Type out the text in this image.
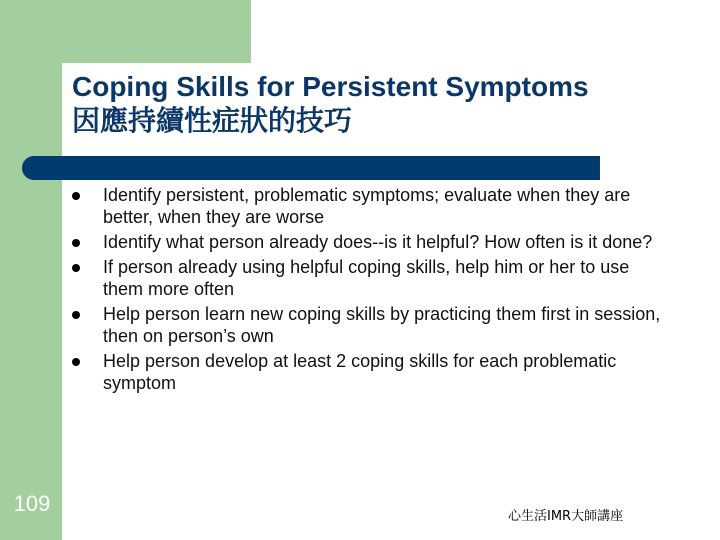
Coping Skills for Persistent Symptoms
因應持續性症狀的技巧
Identify persistent, problematic symptoms; evaluate when they are better, when they are worse
Identify what person already does--is it helpful? How often is it done?
If person already using helpful coping skills, help him or her to use them more often
Help person learn new coping skills by practicing them first in session, then on person’s own
Help person develop at least 2 coping skills for each problematic symptom
109
心生活IMR大師講座
